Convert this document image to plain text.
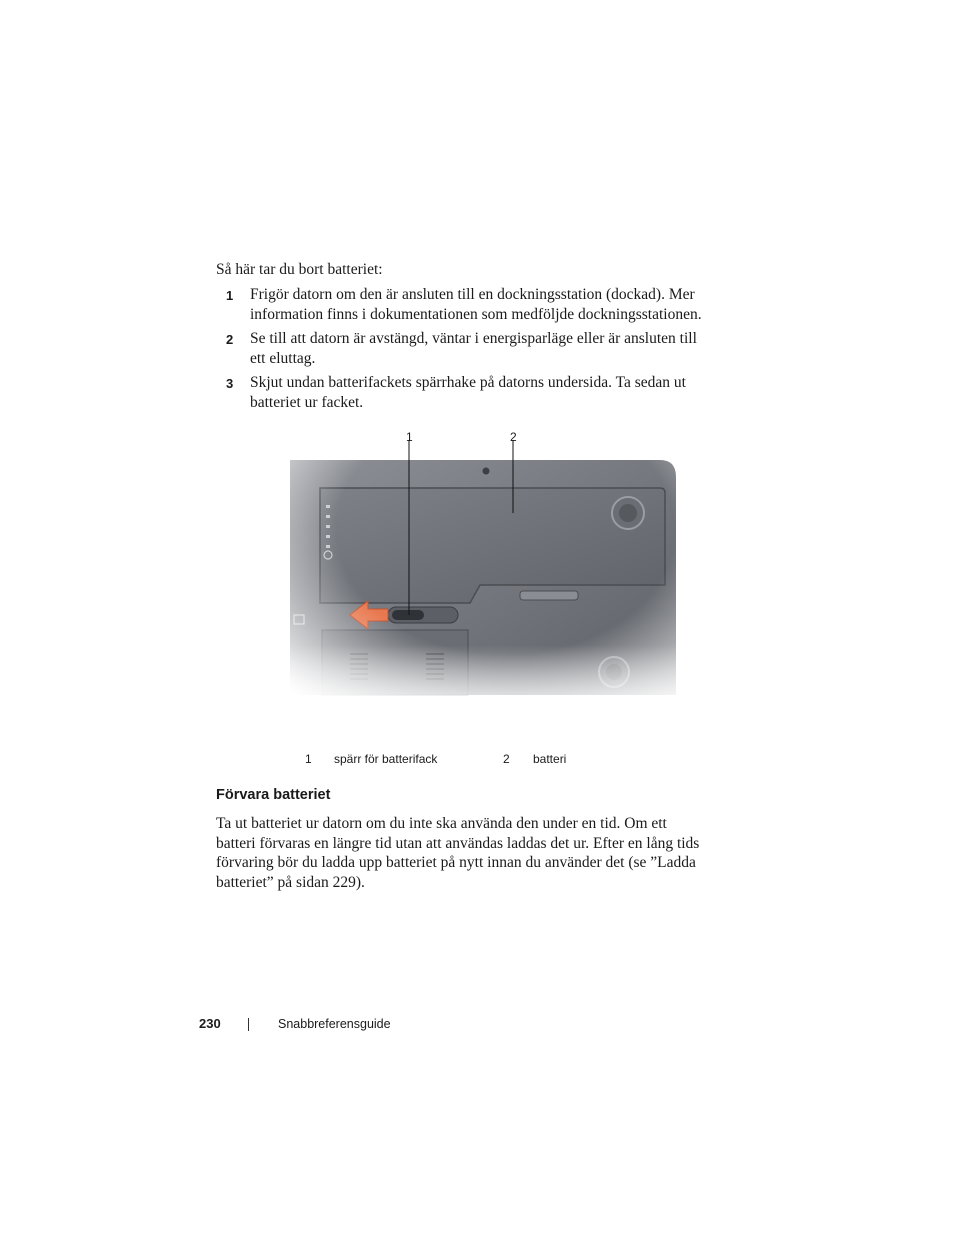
Så här tar du bort batteriet:
1 Frigör datorn om den är ansluten till en dockningsstation (dockad). Mer information finns i dokumentationen som medföljde dockningsstationen.
2 Se till att datorn är avstängd, väntar i energisparläge eller är ansluten till ett eluttag.
3 Skjut undan batterifackets spärrhake på datorns undersida. Ta sedan ut batteriet ur facket.
1 spärr för batterifack	2 batteri
Förvara batteriet
Ta ut batteriet ur datorn om du inte ska använda den under en tid. Om ett batteri förvaras en längre tid utan att användas laddas det ur. Efter en lång tids förvaring bör du ladda upp batteriet på nytt innan du använder det (se ”Ladda batteriet” på sidan 229).
230	Snabbreferensguide
